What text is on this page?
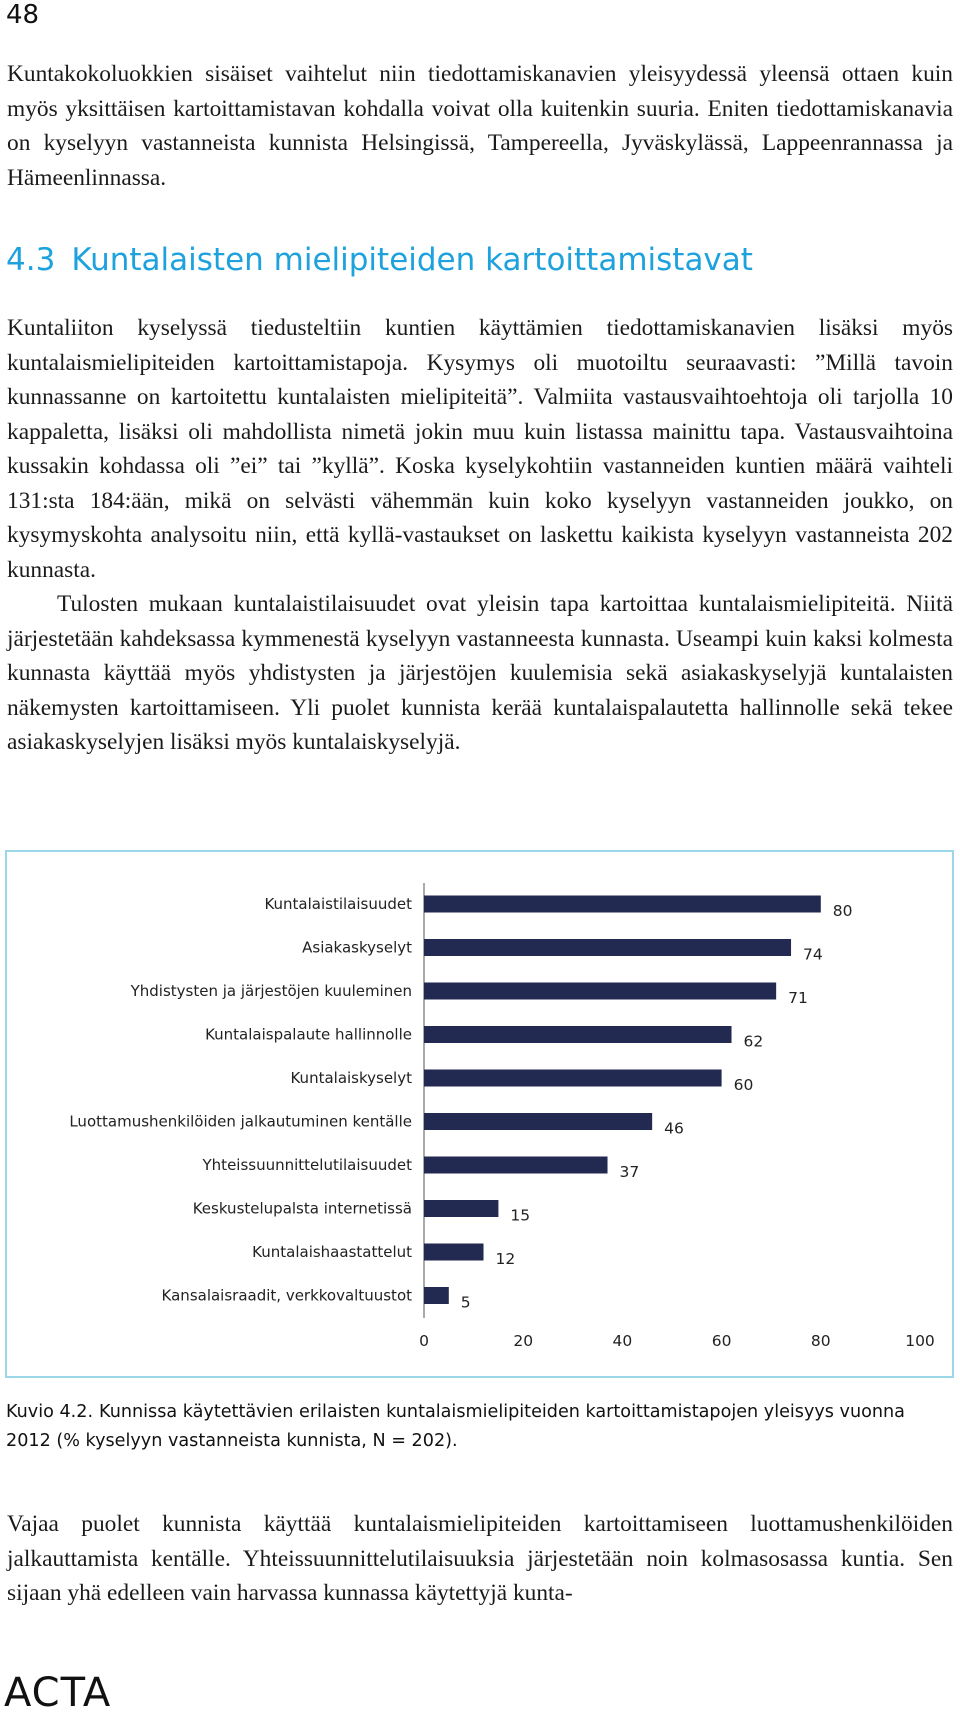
48

Kuntakokoluokkien sisäiset vaihtelut niin tiedottamiskanavien yleisyydessä yleensä ottaen kuin myös yksittäisen kartoittamistavan kohdalla voivat olla kuitenkin suuria. Eniten tiedottamiskanavia on kyselyyn vastanneista kunnista Helsingissä, Tampereella, Jyväskylässä, Lappeenrannassa ja Hämeenlinnassa.

4.3 Kuntalaisten mielipiteiden kartoittamistavat

Kuntaliiton kyselyssä tiedusteltiin kuntien käyttämien tiedottamiskanavien lisäksi myös kuntalaismielipiteiden kartoittamistapoja. Kysymys oli muotoiltu seuraavasti: ”Millä tavoin kunnassanne on kartoitettu kuntalaisten mielipiteitä”. Valmiita vastausvaihtoehtoja oli tarjolla 10 kappaletta, lisäksi oli mahdollista nimetä jokin muu kuin listassa mainittu tapa. Vastausvaihtoina kussakin kohdassa oli ”ei” tai ”kyllä”. Koska kyselykohtiin vastanneiden kuntien määrä vaihteli 131:sta 184:ään, mikä on selvästi vähemmän kuin koko kyselyyn vastanneiden joukko, on kysymyskohta analysoitu niin, että kyllä-vastaukset on laskettu kaikista kyselyyn vastanneista 202 kunnasta.

Tulosten mukaan kuntalaistilaisuudet ovat yleisin tapa kartoittaa kuntalaismielipiteitä. Niitä järjestetään kahdeksassa kymmenestä kyselyyn vastanneesta kunnasta. Useampi kuin kaksi kolmesta kunnasta käyttää myös yhdistysten ja järjestöjen kuulemisia sekä asiakaskyselyjä kuntalaisten näkemysten kartoittamiseen. Yli puolet kunnista kerää kuntalaispalautetta hallinnolle sekä tekee asiakaskyselyjen lisäksi myös kuntalaiskyselyjä.

Kuntalaistilaisuudet	80
Asiakaskyselyt	74
Yhdistysten ja järjestöjen kuuleminen	71
Kuntalaispalaute hallinnolle	62
Kuntalaiskyselyt	60
Luottamushenkilöiden jalkautuminen kentälle	46
Yhteissuunnittelutilaisuudet	37
Keskustelupalsta internetissä	15
Kuntalaishaastattelut	12
Kansalaisraadit, verkkovaltuustot	5
0	20	40	60	80	100

Kuvio 4.2. Kunnissa käytettävien erilaisten kuntalaismielipiteiden kartoittamistapojen yleisyys vuonna 2012 (% kyselyyn vastanneista kunnista, N = 202).

Vajaa puolet kunnista käyttää kuntalaismielipiteiden kartoittamiseen luottamushenkilöiden jalkauttamista kentälle. Yhteissuunnittelutilaisuuksia järjestetään noin kolmasosassa kuntia. Sen sijaan yhä edelleen vain harvassa kunnassa käytettyjä kunta-

ACTA
